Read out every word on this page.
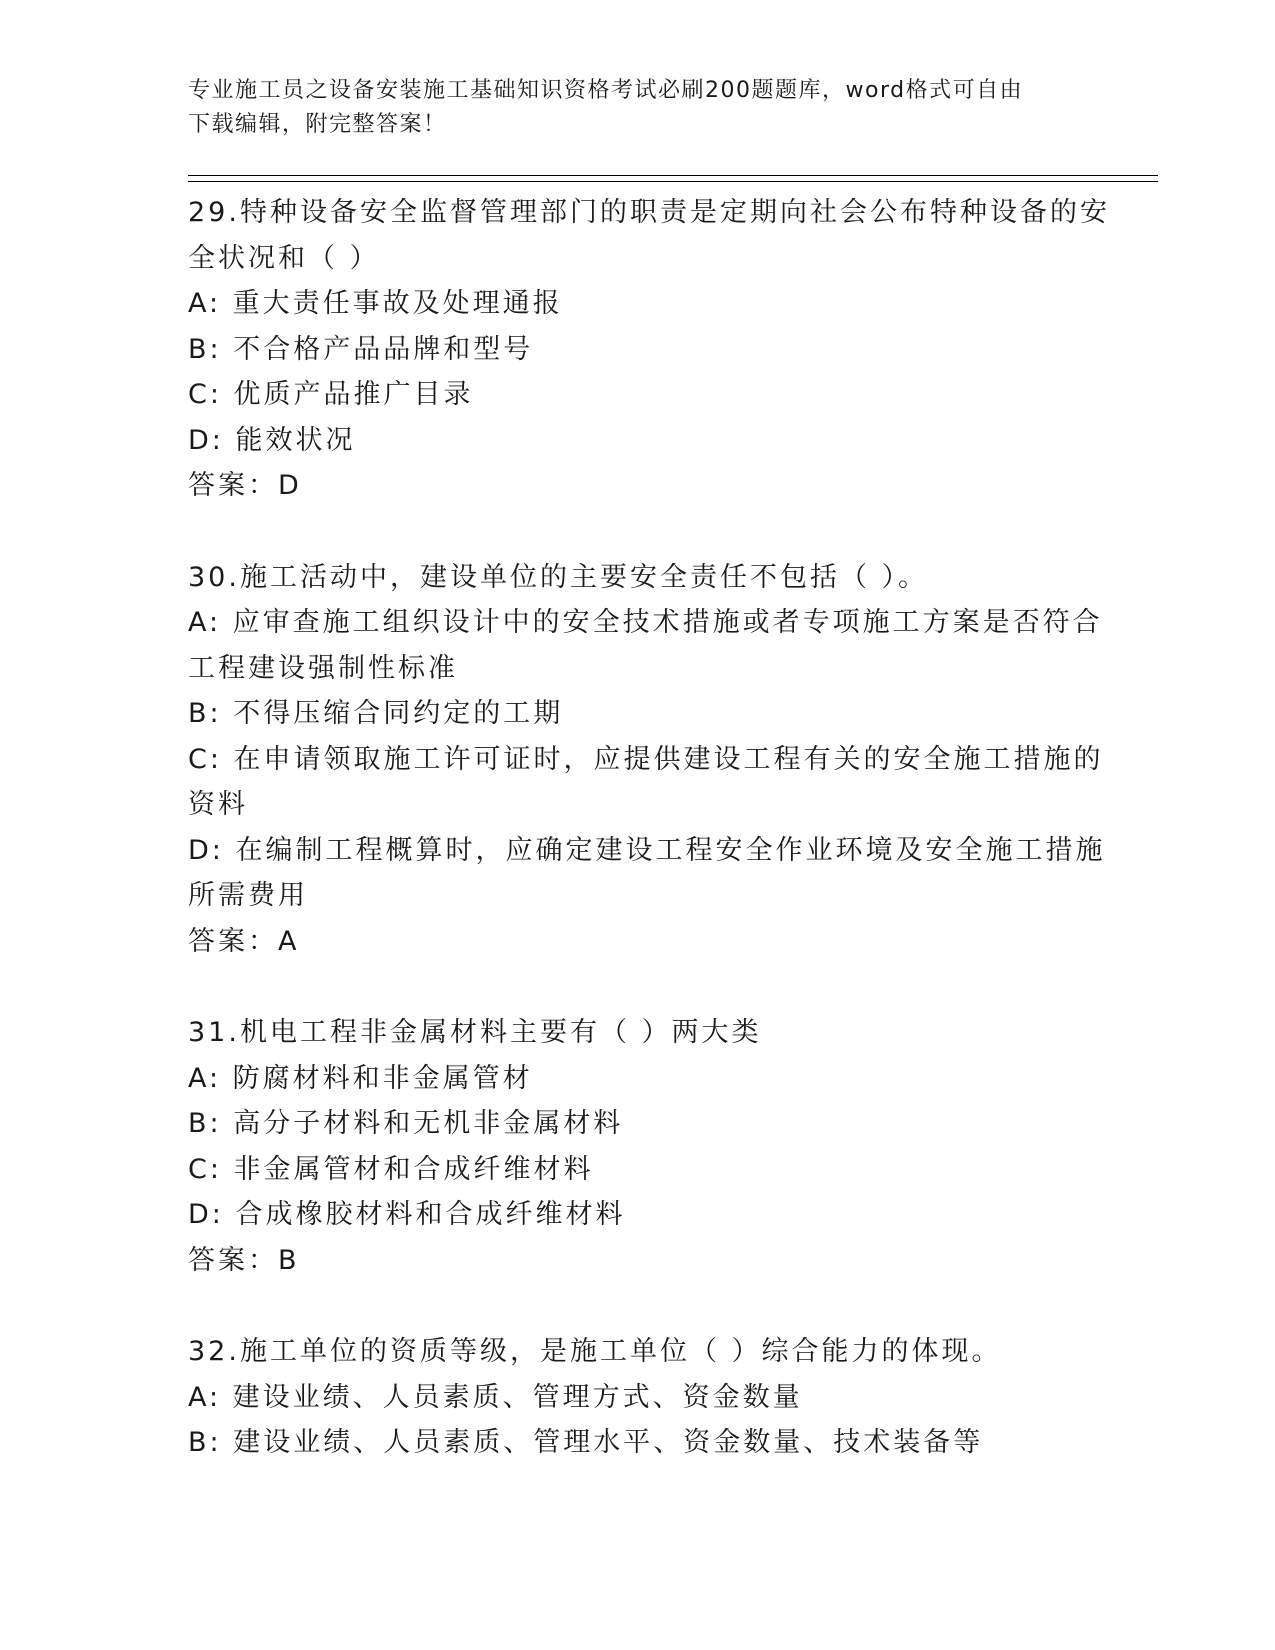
专业施工员之设备安装施工基础知识资格考试必刷200题题库，word格式可自由
下载编辑，附完整答案！
29.特种设备安全监督管理部门的职责是定期向社会公布特种设备的安
全状况和（ ）
A: 重大责任事故及处理通报
B: 不合格产品品牌和型号
C: 优质产品推广目录
D: 能效状况
答案：D
30.施工活动中，建设单位的主要安全责任不包括（ ）。
A: 应审查施工组织设计中的安全技术措施或者专项施工方案是否符合
工程建设强制性标准
B: 不得压缩合同约定的工期
C: 在申请领取施工许可证时，应提供建设工程有关的安全施工措施的
资料
D: 在编制工程概算时，应确定建设工程安全作业环境及安全施工措施
所需费用
答案：A
31.机电工程非金属材料主要有（ ）两大类
A: 防腐材料和非金属管材
B: 高分子材料和无机非金属材料
C: 非金属管材和合成纤维材料
D: 合成橡胶材料和合成纤维材料
答案：B
32.施工单位的资质等级，是施工单位（ ）综合能力的体现。
A: 建设业绩、人员素质、管理方式、资金数量
B: 建设业绩、人员素质、管理水平、资金数量、技术装备等
